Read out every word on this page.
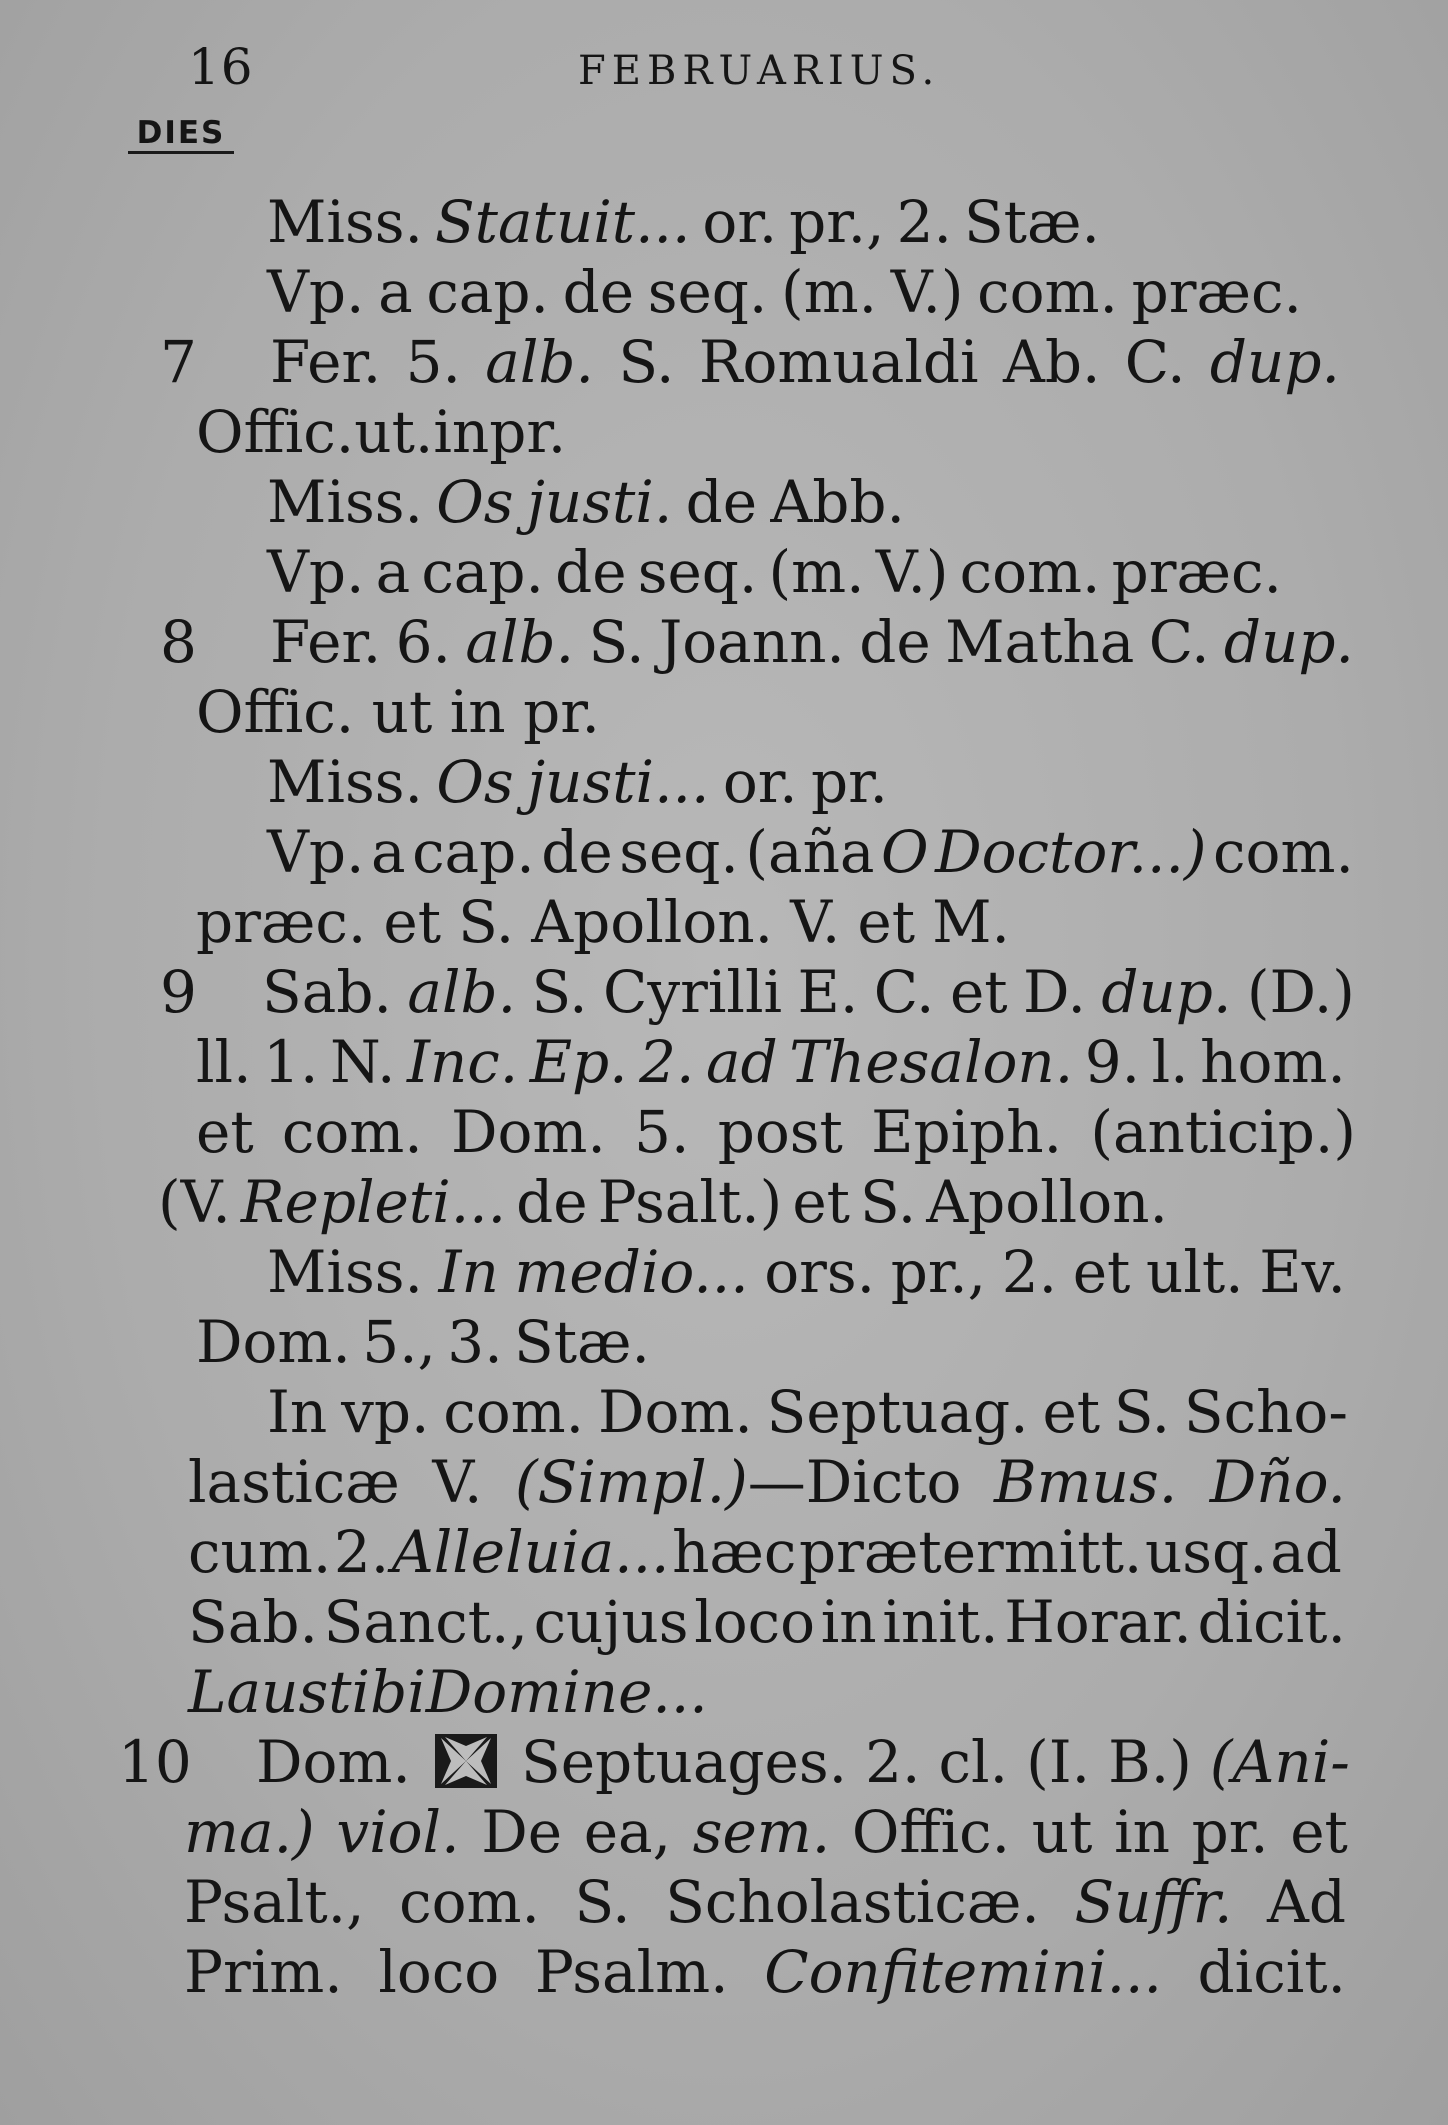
16	FEBRUARIUS.
DIES
Miss. Statuit... or. pr., 2. Stæ.
Vp. a cap. de seq. (m. V.) com. præc.
7 Fer. 5. alb. S. Romualdi Ab. C. dup.
Offic. ut. in pr.
Miss. Os justi. de Abb.
Vp. a cap. de seq. (m. V.) com. præc.
8 Fer. 6. alb. S. Joann. de Matha C. dup.
Offic. ut in pr.
Miss. Os justi... or. pr.
Vp. a cap. de seq. (aña O Doctor...) com.
præc. et S. Apollon. V. et M.
9 Sab. alb. S. Cyrilli E. C. et D. dup. (D.)
ll. 1. N. Inc. Ep. 2. ad Thesalon. 9. l. hom.
et com. Dom. 5. post Epiph. (anticip.)
(V. Repleti... de Psalt.) et S. Apollon.
Miss. In medio... ors. pr., 2. et ult. Ev.
Dom. 5., 3. Stæ.
In vp. com. Dom. Septuag. et S. Scho-
lasticæ V. (Simpl.)—Dicto Bmus. Dño.
cum. 2. Alleluia... hæc prætermitt. usq. ad
Sab. Sanct., cujus loco in init. Horar. dicit.
Laus tibi Domine...
10 Dom. Septuages. 2. cl. (I. B.) (Ani-
ma.) viol. De ea, sem. Offic. ut in pr. et
Psalt., com. S. Scholasticæ. Suffr. Ad
Prim. loco Psalm. Confitemini... dicit.
